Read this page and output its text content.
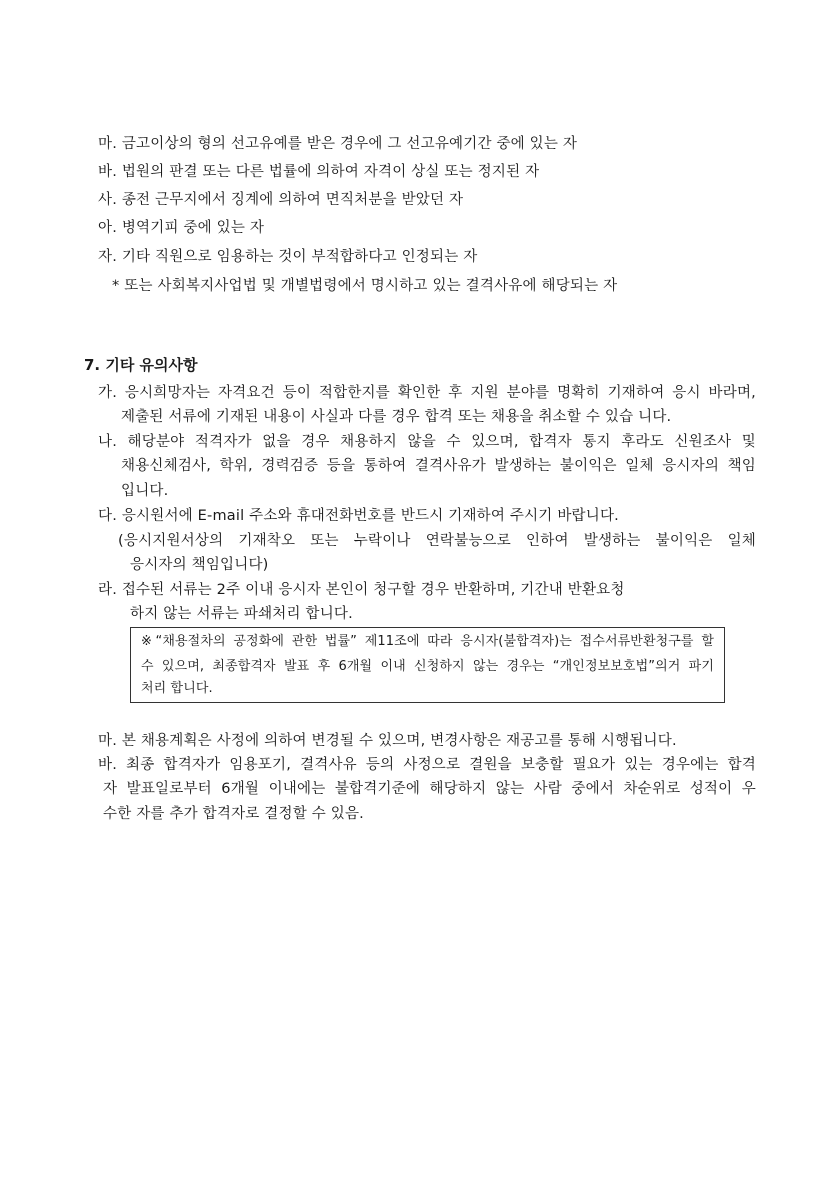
마. 금고이상의 형의 선고유예를 받은 경우에 그 선고유예기간 중에 있는 자
바. 법원의 판결 또는 다른 법률에 의하여 자격이 상실 또는 정지된 자
사. 종전 근무지에서 징계에 의하여 면직처분을 받았던 자
아. 병역기피 중에 있는 자
자. 기타 직원으로 임용하는 것이 부적합하다고 인정되는 자
* 또는 사회복지사업법 및 개별법령에서 명시하고 있는 결격사유에 해당되는 자
7. 기타 유의사항
가. 응시희망자는 자격요건 등이 적합한지를 확인한 후 지원 분야를 명확히 기재하여 응시 바라며,
제출된 서류에 기재된 내용이 사실과 다를 경우 합격 또는 채용을 취소할 수 있습 니다.
나. 해당분야 적격자가 없을 경우 채용하지 않을 수 있으며, 합격자 통지 후라도 신원조사 및
채용신체검사, 학위, 경력검증 등을 통하여 결격사유가 발생하는 불이익은 일체 응시자의 책임
입니다.
다. 응시원서에 E-mail 주소와 휴대전화번호를 반드시 기재하여 주시기 바랍니다.
(응시지원서상의 기재착오 또는 누락이나 연락불능으로 인하여 발생하는 불이익은 일체
응시자의 책임입니다)
라. 접수된 서류는 2주 이내 응시자 본인이 청구할 경우 반환하며, 기간내 반환요청
하지 않는 서류는 파쇄처리 합니다.
※“채용절차의 공정화에 관한 법률” 제11조에 따라 응시자(불합격자)는 접수서류반환청구를 할
수 있으며, 최종합격자 발표 후 6개월 이내 신청하지 않는 경우는 “개인정보보호법”의거 파기
처리 합니다.
마. 본 채용계획은 사정에 의하여 변경될 수 있으며, 변경사항은 재공고를 통해 시행됩니다.
바. 최종 합격자가 임용포기, 결격사유 등의 사정으로 결원을 보충할 필요가 있는 경우에는 합격
자 발표일로부터 6개월 이내에는 불합격기준에 해당하지 않는 사람 중에서 차순위로 성적이 우
수한 자를 추가 합격자로 결정할 수 있음.
